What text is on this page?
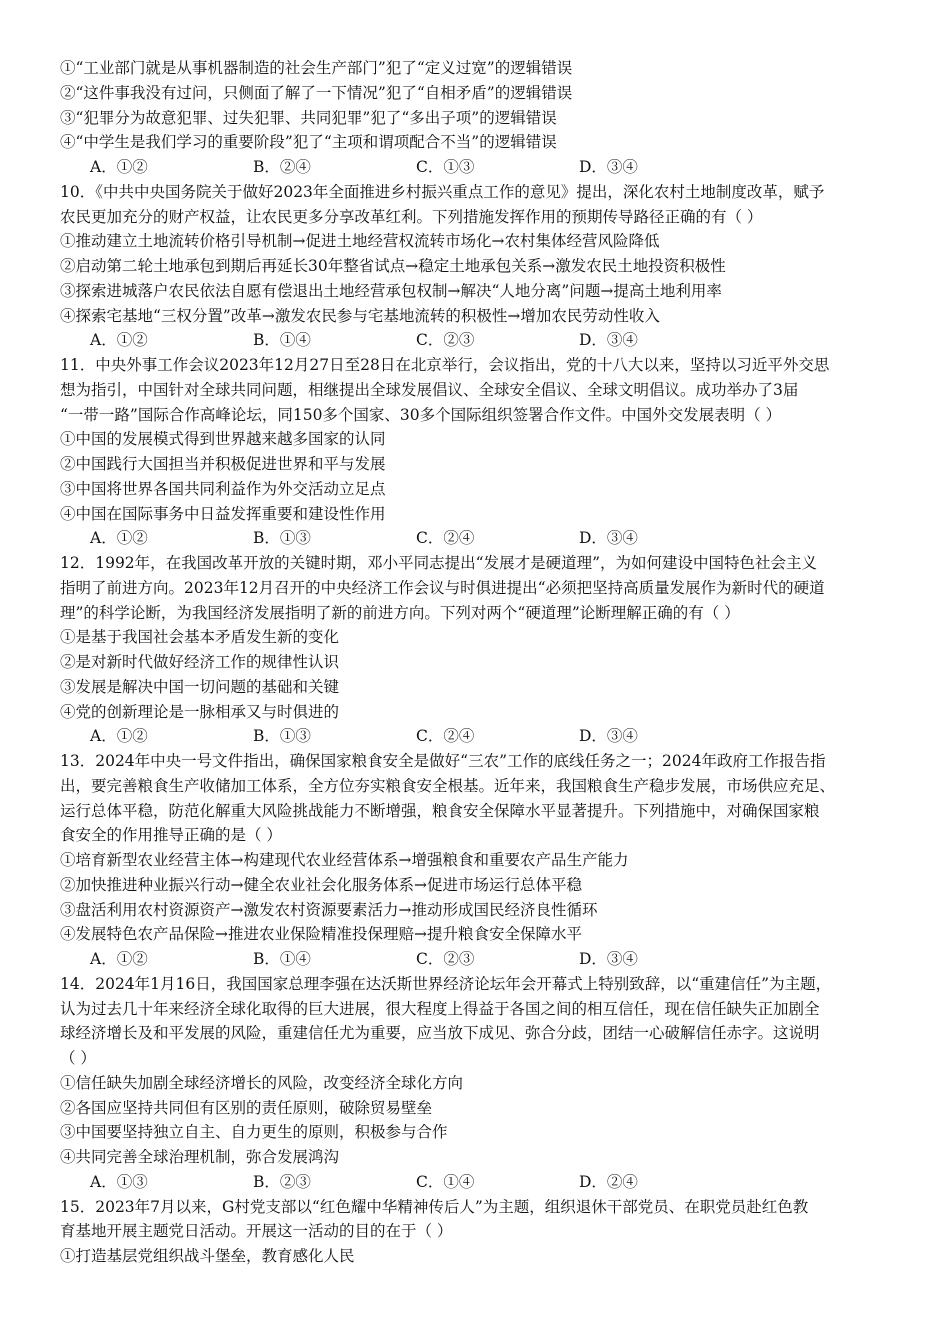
①“工业部门就是从事机器制造的社会生产部门”犯了“定义过宽”的逻辑错误
②“这件事我没有过问，只侧面了解了一下情况”犯了“自相矛盾”的逻辑错误
③“犯罪分为故意犯罪、过失犯罪、共同犯罪”犯了“多出子项”的逻辑错误
④“中学生是我们学习的重要阶段”犯了“主项和谓项配合不当”的逻辑错误
A．①②	B．②④	C．①③	D．③④
10．《中共中央国务院关于做好2023年全面推进乡村振兴重点工作的意见》提出，深化农村土地制度改革，赋予
农民更加充分的财产权益，让农民更多分享改革红利。下列措施发挥作用的预期传导路径正确的有（ ）
①推动建立土地流转价格引导机制→促进土地经营权流转市场化→农村集体经营风险降低
②启动第二轮土地承包到期后再延长30年整省试点→稳定土地承包关系→激发农民土地投资积极性
③探索进城落户农民依法自愿有偿退出土地经营承包权制→解决“人地分离”问题→提高土地利用率
④探索宅基地“三权分置”改革→激发农民参与宅基地流转的积极性→增加农民劳动性收入
A．①②	B．①④	C．②③	D．③④
11．中央外事工作会议2023年12月27日至28日在北京举行，会议指出，党的十八大以来，坚持以习近平外交思
想为指引，中国针对全球共同问题，相继提出全球发展倡议、全球安全倡议、全球文明倡议。成功举办了3届
“一带一路”国际合作高峰论坛，同150多个国家、30多个国际组织签署合作文件。中国外交发展表明（ ）
①中国的发展模式得到世界越来越多国家的认同
②中国践行大国担当并积极促进世界和平与发展
③中国将世界各国共同利益作为外交活动立足点
④中国在国际事务中日益发挥重要和建设性作用
A．①②	B．①③	C．②④	D．③④
12．1992年，在我国改革开放的关键时期，邓小平同志提出“发展才是硬道理”，为如何建设中国特色社会主义
指明了前进方向。2023年12月召开的中央经济工作会议与时俱进提出“必须把坚持高质量发展作为新时代的硬道
理”的科学论断，为我国经济发展指明了新的前进方向。下列对两个“硬道理”论断理解正确的有（ ）
①是基于我国社会基本矛盾发生新的变化
②是对新时代做好经济工作的规律性认识
③发展是解决中国一切问题的基础和关键
④党的创新理论是一脉相承又与时俱进的
A．①②	B．①③	C．②④	D．③④
13．2024年中央一号文件指出，确保国家粮食安全是做好“三农”工作的底线任务之一；2024年政府工作报告指
出，要完善粮食生产收储加工体系，全方位夯实粮食安全根基。近年来，我国粮食生产稳步发展，市场供应充足、
运行总体平稳，防范化解重大风险挑战能力不断增强，粮食安全保障水平显著提升。下列措施中，对确保国家粮
食安全的作用推导正确的是（ ）
①培育新型农业经营主体→构建现代农业经营体系→增强粮食和重要农产品生产能力
②加快推进种业振兴行动→健全农业社会化服务体系→促进市场运行总体平稳
③盘活利用农村资源资产→激发农村资源要素活力→推动形成国民经济良性循环
④发展特色农产品保险→推进农业保险精准投保理赔→提升粮食安全保障水平
A．①②	B．①④	C．②③	D．③④
14．2024年1月16日，我国国家总理李强在达沃斯世界经济论坛年会开幕式上特别致辞，以“重建信任”为主题，
认为过去几十年来经济全球化取得的巨大进展，很大程度上得益于各国之间的相互信任，现在信任缺失正加剧全
球经济增长及和平发展的风险，重建信任尤为重要，应当放下成见、弥合分歧，团结一心破解信任赤字。这说明
（ ）
①信任缺失加剧全球经济增长的风险，改变经济全球化方向
②各国应坚持共同但有区别的责任原则，破除贸易壁垒
③中国要坚持独立自主、自力更生的原则，积极参与合作
④共同完善全球治理机制，弥合发展鸿沟
A．①③	B．②③	C．①④	D．②④
15．2023年7月以来，G村党支部以“红色耀中华精神传后人”为主题，组织退休干部党员、在职党员赴红色教
育基地开展主题党日活动。开展这一活动的目的在于（ ）
①打造基层党组织战斗堡垒，教育感化人民
